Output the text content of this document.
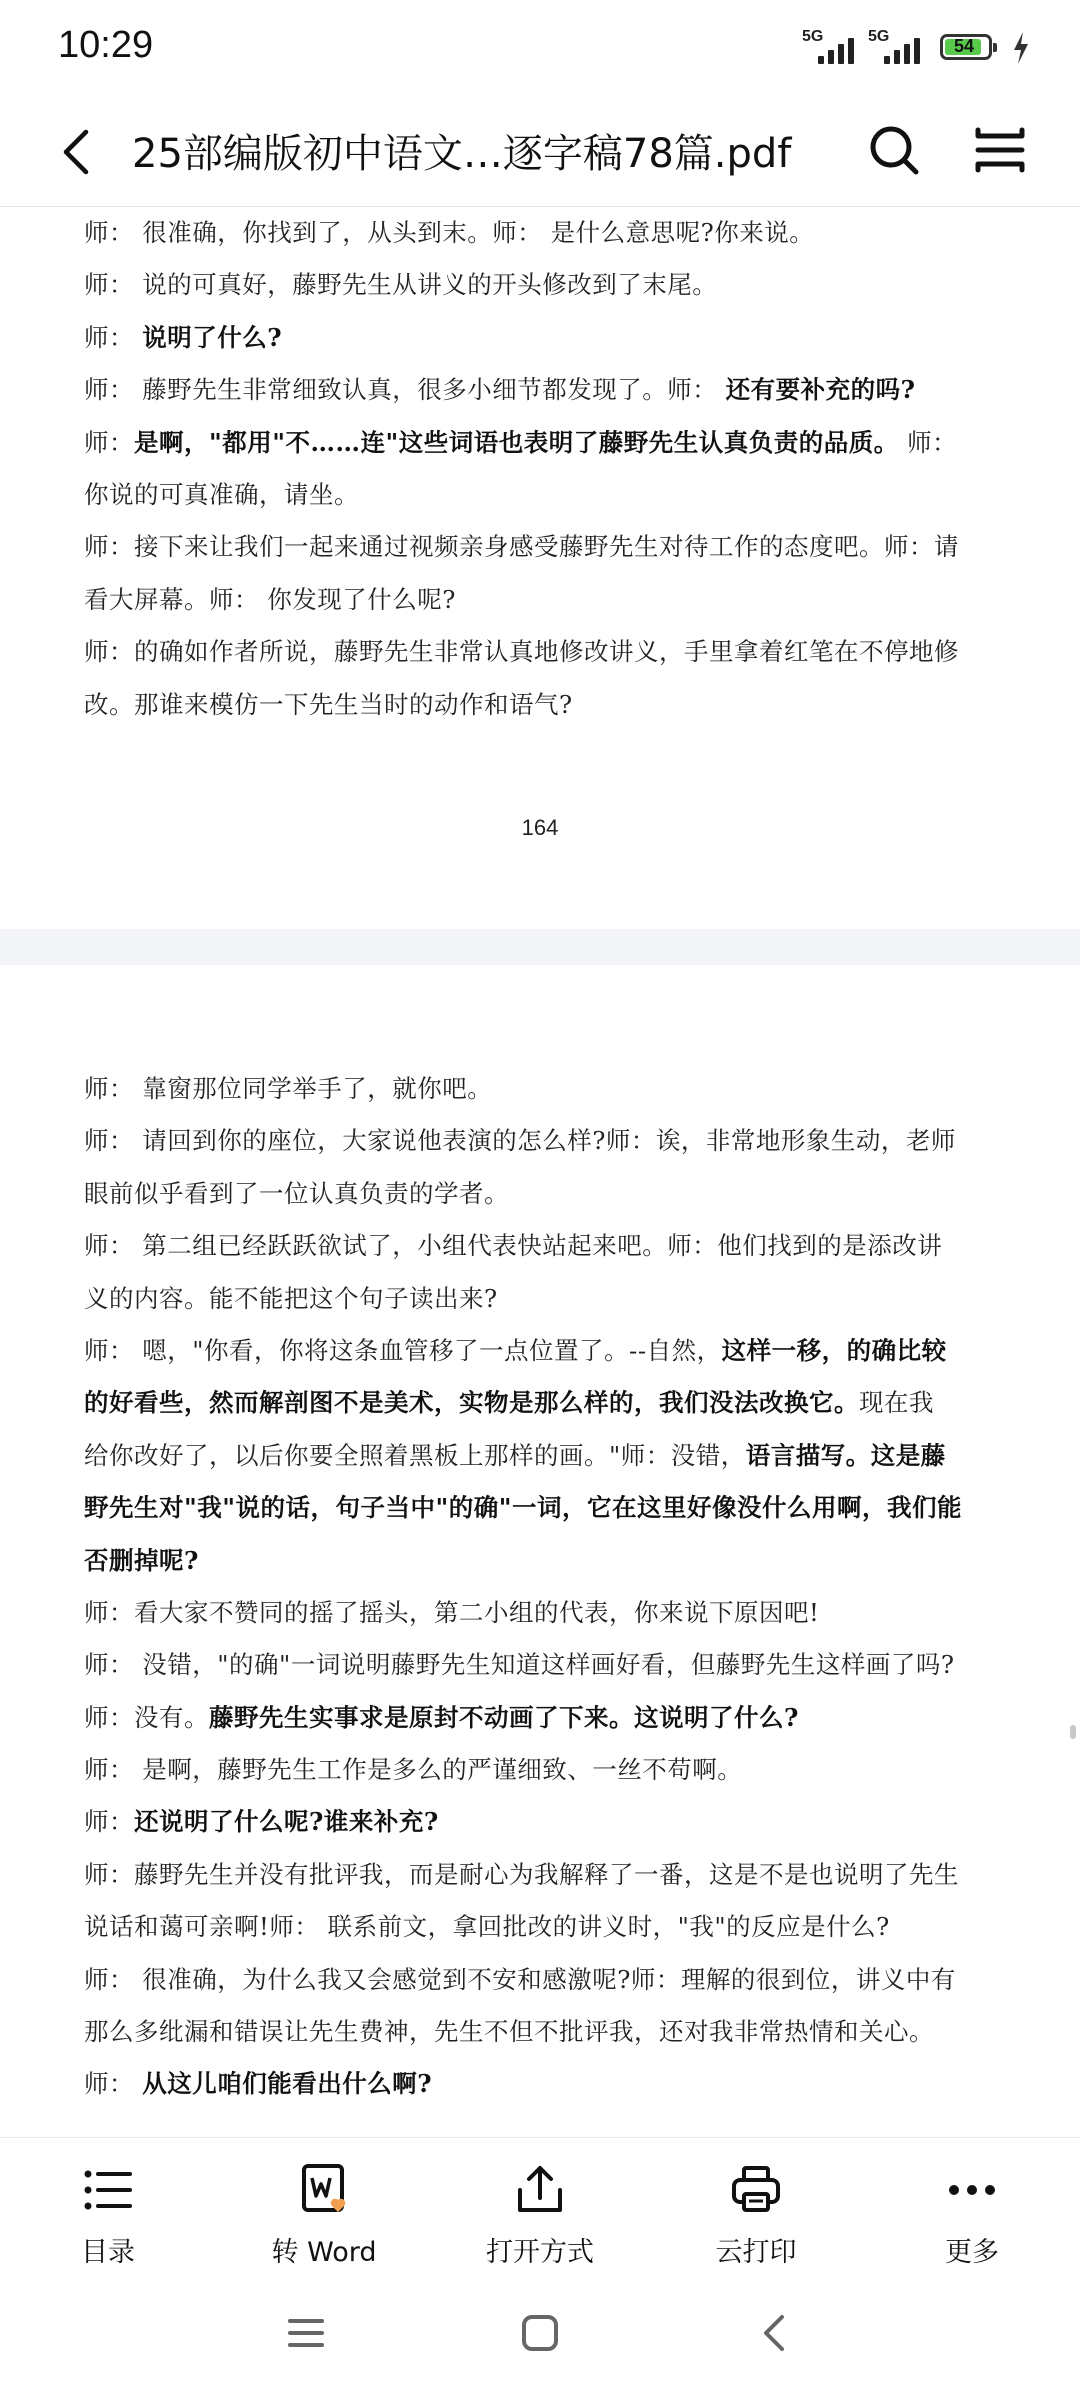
10:29	5G	5G	54
25部编版初中语文…逐字稿78篇.pdf
师： 很准确，你找到了，从头到末。师： 是什么意思呢?你来说。
师： 说的可真好，藤野先生从讲义的开头修改到了末尾。
师： 说明了什么?
师： 藤野先生非常细致认真，很多小细节都发现了。师： 还有要补充的吗?
师：是啊，"都用"不……连"这些词语也表明了藤野先生认真负责的品质。 师：
你说的可真准确，请坐。
师：接下来让我们一起来通过视频亲身感受藤野先生对待工作的态度吧。师：请
看大屏幕。师： 你发现了什么呢?
师：的确如作者所说，藤野先生非常认真地修改讲义，手里拿着红笔在不停地修
改。那谁来模仿一下先生当时的动作和语气?
164
师： 靠窗那位同学举手了，就你吧。
师： 请回到你的座位，大家说他表演的怎么样?师：诶，非常地形象生动，老师
眼前似乎看到了一位认真负责的学者。
师： 第二组已经跃跃欲试了，小组代表快站起来吧。师：他们找到的是添改讲
义的内容。能不能把这个句子读出来?
师： 嗯，"你看，你将这条血管移了一点位置了。--自然，这样一移，的确比较
的好看些，然而解剖图不是美术，实物是那么样的，我们没法改换它。现在我
给你改好了，以后你要全照着黑板上那样的画。"师：没错，语言描写。这是藤
野先生对"我"说的话，句子当中"的确"一词，它在这里好像没什么用啊，我们能
否删掉呢?
师：看大家不赞同的摇了摇头，第二小组的代表，你来说下原因吧!
师： 没错，"的确"一词说明藤野先生知道这样画好看，但藤野先生这样画了吗?
师：没有。藤野先生实事求是原封不动画了下来。这说明了什么?
师： 是啊，藤野先生工作是多么的严谨细致、一丝不苟啊。
师：还说明了什么呢?谁来补充?
师：藤野先生并没有批评我，而是耐心为我解释了一番，这是不是也说明了先生
说话和蔼可亲啊!师： 联系前文，拿回批改的讲义时，"我"的反应是什么?
师： 很准确，为什么我又会感觉到不安和感激呢?师：理解的很到位，讲义中有
那么多纰漏和错误让先生费神，先生不但不批评我，还对我非常热情和关心。
师： 从这儿咱们能看出什么啊?
目录	转 Word	打开方式	云打印	更多
